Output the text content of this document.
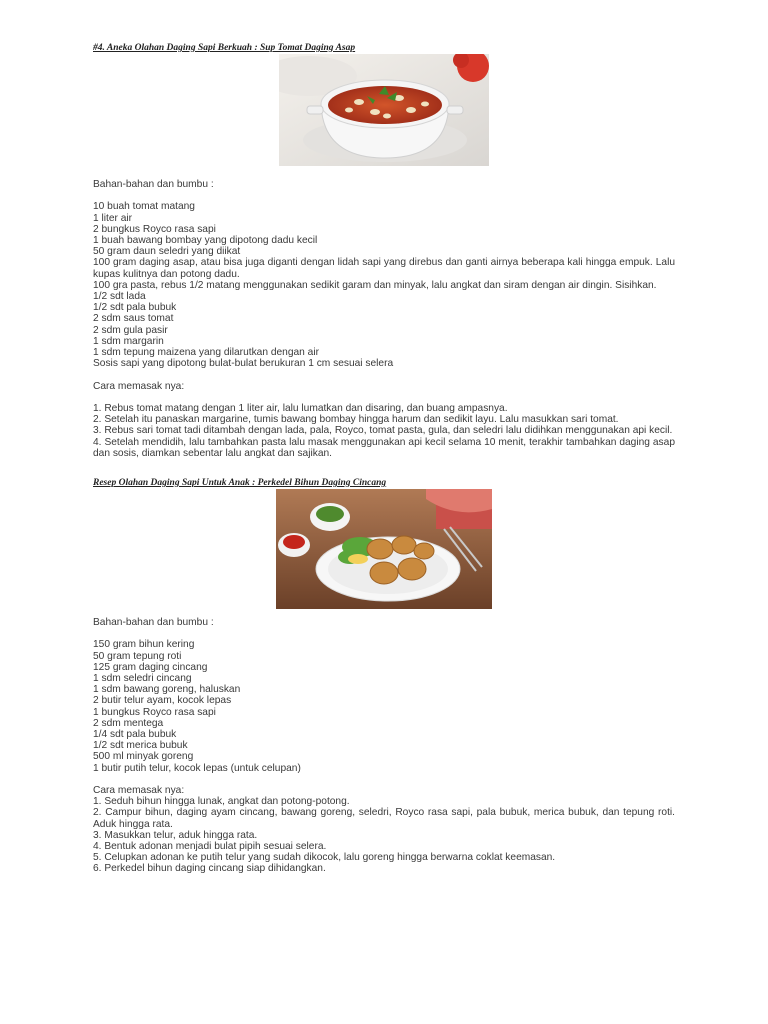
#4. Aneka Olahan Daging Sapi Berkuah : Sup Tomat Daging Asap

Bahan-bahan dan bumbu :

10 buah tomat matang
1 liter air
2 bungkus Royco rasa sapi
1 buah bawang bombay yang dipotong dadu kecil
50 gram daun seledri yang diikat
100 gram daging asap, atau bisa juga diganti dengan lidah sapi yang direbus dan ganti airnya beberapa kali hingga empuk. Lalu kupas kulitnya dan potong dadu.
100 gra pasta, rebus 1/2 matang menggunakan sedikit garam dan minyak, lalu angkat dan siram dengan air dingin. Sisihkan.
1/2 sdt lada
1/2 sdt pala bubuk
2 sdm saus tomat
2 sdm gula pasir
1 sdm margarin
1 sdm tepung maizena yang dilarutkan dengan air
Sosis sapi yang dipotong bulat-bulat berukuran 1 cm sesuai selera

Cara memasak nya:

1. Rebus tomat matang dengan 1 liter air, lalu lumatkan dan disaring, dan buang ampasnya.
2. Setelah itu panaskan margarine, tumis bawang bombay hingga harum dan sedikit layu. Lalu masukkan sari tomat.
3. Rebus sari tomat tadi ditambah dengan lada, pala, Royco, tomat pasta, gula, dan seledri lalu didihkan menggunakan api kecil.
4. Setelah mendidih, lalu tambahkan pasta lalu masak menggunakan api kecil selama 10 menit, terakhir tambahkan daging asap dan sosis, diamkan sebentar lalu angkat dan sajikan.

Resep Olahan Daging Sapi Untuk Anak : Perkedel Bihun Daging Cincang

Bahan-bahan dan bumbu :

150 gram bihun kering
50 gram tepung roti
125 gram daging cincang
1 sdm seledri cincang
1 sdm bawang goreng, haluskan
2 butir telur ayam, kocok lepas
1 bungkus Royco rasa sapi
2 sdm mentega
1/4 sdt pala bubuk
1/2 sdt merica bubuk
500 ml minyak goreng
1 butir putih telur, kocok lepas (untuk celupan)

Cara memasak nya:

1. Seduh bihun hingga lunak, angkat dan potong-potong.
2. Campur bihun, daging ayam cincang, bawang goreng, seledri, Royco rasa sapi, pala bubuk, merica bubuk, dan tepung roti. Aduk hingga rata.
3. Masukkan telur, aduk hingga rata.
4. Bentuk adonan menjadi bulat pipih sesuai selera.
5. Celupkan adonan ke putih telur yang sudah dikocok, lalu goreng hingga berwarna coklat keemasan.
6. Perkedel bihun daging cincang siap dihidangkan.
